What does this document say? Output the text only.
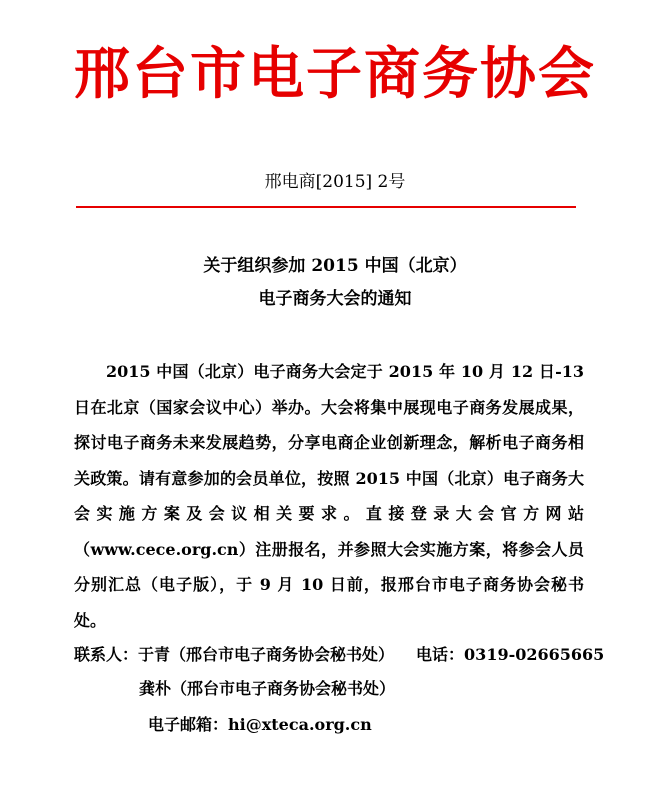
邢台市电子商务协会
邢电商[2015] 2号
关于组织参加 2015 中国（北京）
电子商务大会的通知

2015 中国（北京）电子商务大会定于 2015 年 10 月 12 日-13 日在北京（国家会议中心）举办。大会将集中展现电子商务发展成果，探讨电子商务未来发展趋势，分享电商企业创新理念，解析电子商务相关政策。请有意参加的会员单位，按照 2015 中国（北京）电子商务大会实施方案及会议相关要求。直接登录大会官方网站（www.cece.org.cn）注册报名，并参照大会实施方案，将参会人员分别汇总（电子版），于 9 月 10 日前，报邢台市电子商务协会秘书处。

联系人：于青（邢台市电子商务协会秘书处） 电话：0319-02665665
龚朴（邢台市电子商务协会秘书处）
电子邮箱：hi@xteca.org.cn
